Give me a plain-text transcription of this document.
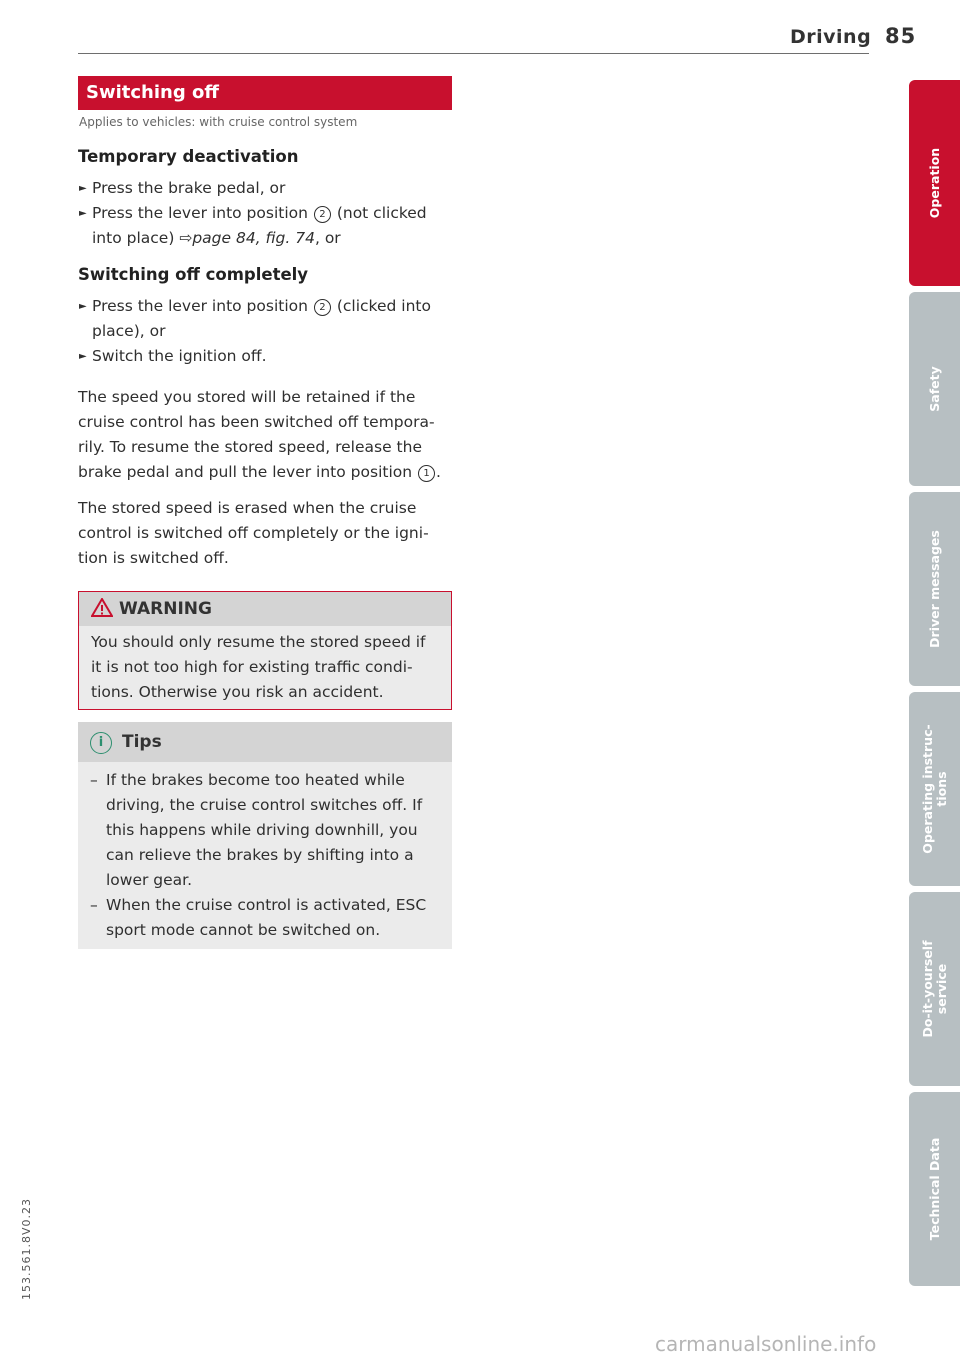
Driving 85
Switching off
Applies to vehicles: with cruise control system
Temporary deactivation
► Press the brake pedal, or
► Press the lever into position 2 (not clicked into place) ⇨page 84, fig. 74, or
Switching off completely
► Press the lever into position 2 (clicked into place), or
► Switch the ignition off.
The speed you stored will be retained if the cruise control has been switched off tempora-rily. To resume the stored speed, release the brake pedal and pull the lever into position 1 .
The stored speed is erased when the cruise control is switched off completely or the igni-tion is switched off.
WARNING
You should only resume the stored speed if it is not too high for existing traffic condi-tions. Otherwise you risk an accident.
i Tips
– If the brakes become too heated while driving, the cruise control switches off. If this happens while driving downhill, you can relieve the brakes by shifting into a lower gear.
– When the cruise control is activated, ESC sport mode cannot be switched on.
Operation
Safety
Driver messages
Operating instruc- tions
Do-it-yourself service
Technical Data
153.561.8V0.23
carmanualsonline.info
